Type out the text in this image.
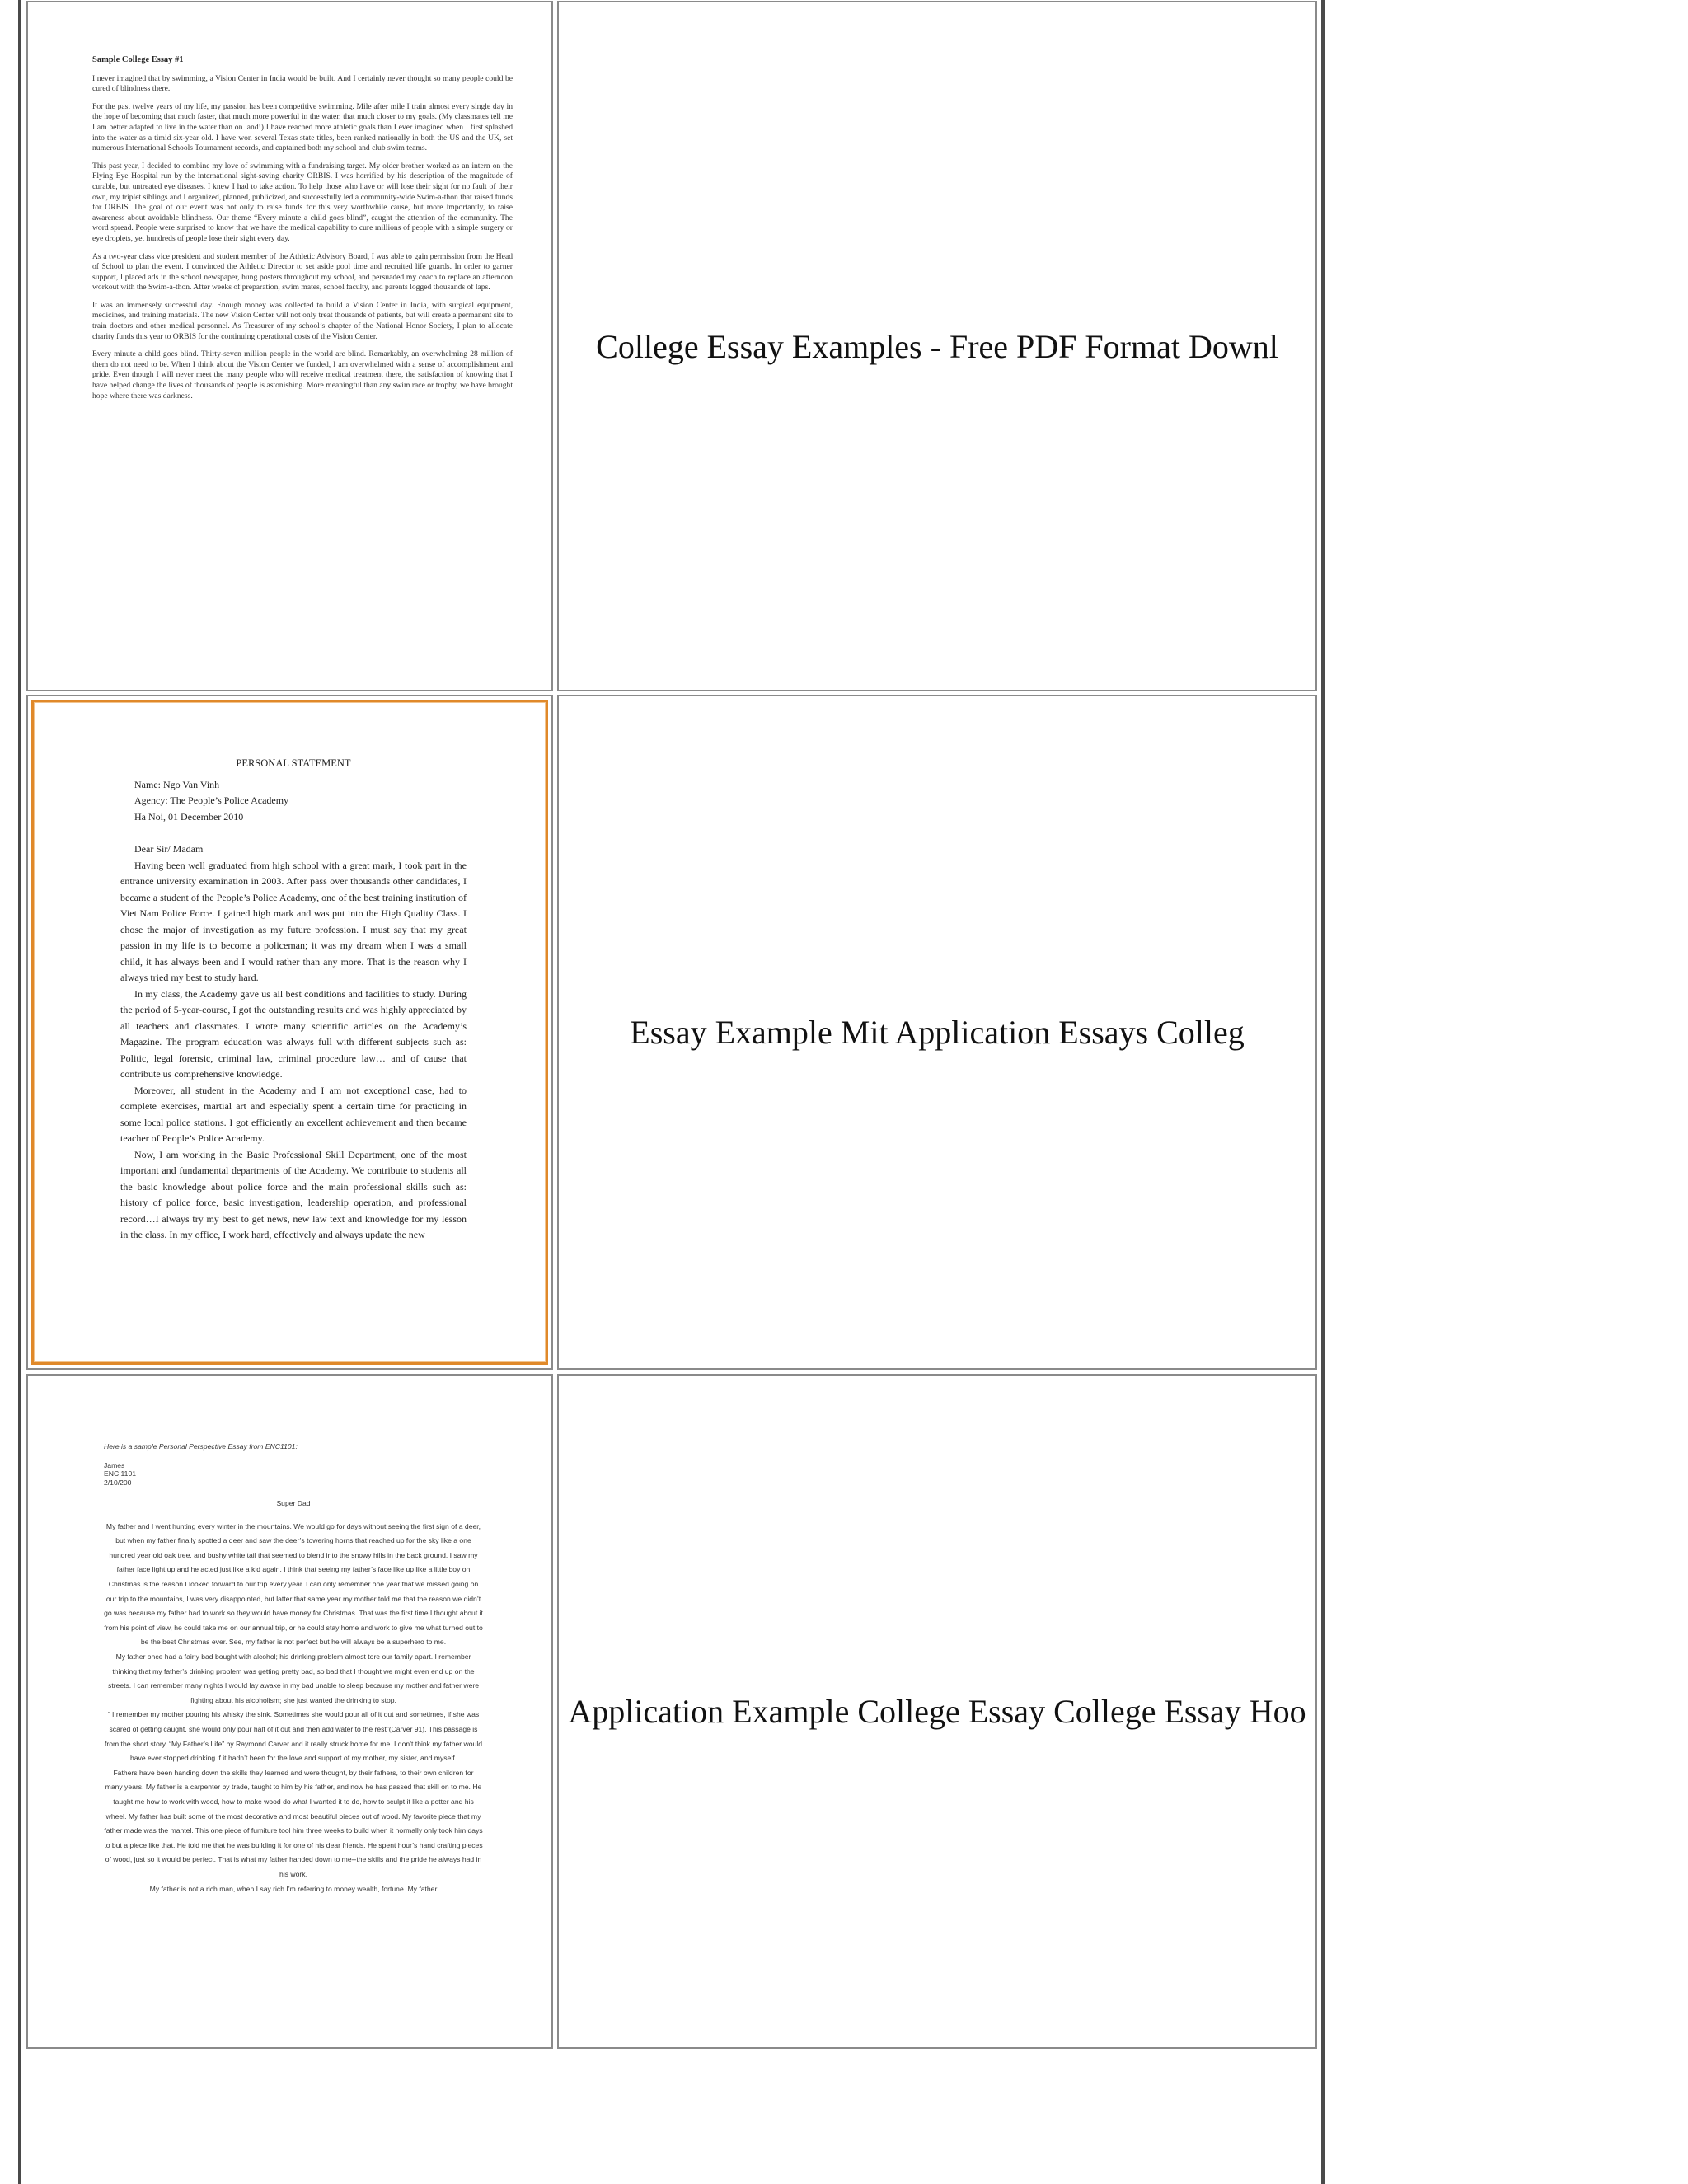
Sample College Essay #1

I never imagined that by swimming, a Vision Center in India would be built. And I certainly never thought so many people could be cured of blindness there.

For the past twelve years of my life, my passion has been competitive swimming. Mile after mile I train almost every single day in the hope of becoming that much faster, that much more powerful in the water, that much closer to my goals. (My classmates tell me I am better adapted to live in the water than on land!) I have reached more athletic goals than I ever imagined when I first splashed into the water as a timid six-year old. I have won several Texas state titles, been ranked nationally in both the US and the UK, set numerous International Schools Tournament records, and captained both my school and club swim teams.

This past year, I decided to combine my love of swimming with a fundraising target. My older brother worked as an intern on the Flying Eye Hospital run by the international sight-saving charity ORBIS. I was horrified by his description of the magnitude of curable, but untreated eye diseases. I knew I had to take action. To help those who have or will lose their sight for no fault of their own, my triplet siblings and I organized, planned, publicized, and successfully led a community-wide Swim-a-thon that raised funds for ORBIS. The goal of our event was not only to raise funds for this very worthwhile cause, but more importantly, to raise awareness about avoidable blindness. Our theme “Every minute a child goes blind”, caught the attention of the community. The word spread. People were surprised to know that we have the medical capability to cure millions of people with a simple surgery or eye droplets, yet hundreds of people lose their sight every day.

As a two-year class vice president and student member of the Athletic Advisory Board, I was able to gain permission from the Head of School to plan the event. I convinced the Athletic Director to set aside pool time and recruited life guards. In order to garner support, I placed ads in the school newspaper, hung posters throughout my school, and persuaded my coach to replace an afternoon workout with the Swim-a-thon. After weeks of preparation, swim mates, school faculty, and parents logged thousands of laps.

It was an immensely successful day. Enough money was collected to build a Vision Center in India, with surgical equipment, medicines, and training materials. The new Vision Center will not only treat thousands of patients, but will create a permanent site to train doctors and other medical personnel. As Treasurer of my school’s chapter of the National Honor Society, I plan to allocate charity funds this year to ORBIS for the continuing operational costs of the Vision Center.

Every minute a child goes blind. Thirty-seven million people in the world are blind. Remarkably, an overwhelming 28 million of them do not need to be. When I think about the Vision Center we funded, I am overwhelmed with a sense of accomplishment and pride. Even though I will never meet the many people who will receive medical treatment there, the satisfaction of knowing that I have helped change the lives of thousands of people is astonishing. More meaningful than any swim race or trophy, we have brought hope where there was darkness.

College Essay Examples - Free PDF Format Downl
PERSONAL STATEMENT
Name: Ngo Van Vinh
Agency: The People’s Police Academy
Ha Noi, 01 December 2010
Dear Sir/ Madam

Having been well graduated from high school with a great mark, I took part in the entrance university examination in 2003. After pass over thousands other candidates, I became a student of the People’s Police Academy, one of the best training institution of Viet Nam Police Force. I gained high mark and was put into the High Quality Class. I chose the major of investigation as my future profession. I must say that my great passion in my life is to become a policeman; it was my dream when I was a small child, it has always been and I would rather than any more. That is the reason why I always tried my best to study hard.

In my class, the Academy gave us all best conditions and facilities to study. During the period of 5-year-course, I got the outstanding results and was highly appreciated by all teachers and classmates. I wrote many scientific articles on the Academy’s Magazine. The program education was always full with different subjects such as: Politic, legal forensic, criminal law, criminal procedure law… and of cause that contribute us comprehensive knowledge.

Moreover, all student in the Academy and I am not exceptional case, had to complete exercises, martial art and especially spent a certain time for practicing in some local police stations. I got efficiently an excellent achievement and then became teacher of People’s Police Academy.

Now, I am working in the Basic Professional Skill Department, one of the most important and fundamental departments of the Academy. We contribute to students all the basic knowledge about police force and the main professional skills such as: history of police force, basic investigation, leadership operation, and professional record…I always try my best to get news, new law text and knowledge for my lesson in the class. In my office, I work hard, effectively and always update the new

Essay Example Mit Application Essays Colleg
Here is a sample Personal Perspective Essay from ENC1101:
James ______
ENC 1101
2/10/200
Super Dad

My father and I went hunting every winter in the mountains. We would go for days without seeing the first sign of a deer, but when my father finally spotted a deer and saw the deer’s towering horns that reached up for the sky like a one hundred year old oak tree, and bushy white tail that seemed to blend into the snowy hills in the back ground. I saw my father face light up and he acted just like a kid again. I think that seeing my father’s face like up like a little boy on Christmas is the reason I looked forward to our trip every year. I can only remember one year that we missed going on our trip to the mountains, I was very disappointed, but latter that same year my mother told me that the reason we didn’t go was because my father had to work so they would have money for Christmas. That was the first time I thought about it from his point of view, he could take me on our annual trip, or he could stay home and work to give me what turned out to be the best Christmas ever. See, my father is not perfect but he will always be a superhero to me.

My father once had a fairly bad bought with alcohol; his drinking problem almost tore our family apart. I remember thinking that my father’s drinking problem was getting pretty bad, so bad that I thought we might even end up on the streets. I can remember many nights I would lay awake in my bad unable to sleep because my mother and father were fighting about his alcoholism; she just wanted the drinking to stop.

“ I remember my mother pouring his whisky the sink. Sometimes she would pour all of it out and sometimes, if she was scared of getting caught, she would only pour half of it out and then add water to the rest”(Carver 91). This passage is from the short story, “My Father’s Life” by Raymond Carver and it really struck home for me. I don’t think my father would have ever stopped drinking if it hadn’t been for the love and support of my mother, my sister, and myself.

Fathers have been handing down the skills they learned and were thought, by their fathers, to their own children for many years. My father is a carpenter by trade, taught to him by his father, and now he has passed that skill on to me. He taught me how to work with wood, how to make wood do what I wanted it to do, how to sculpt it like a potter and his wheel. My father has built some of the most decorative and most beautiful pieces out of wood. My favorite piece that my father made was the mantel. This one piece of furniture tool him three weeks to build when it normally only took him days to but a piece like that. He told me that he was building it for one of his dear friends. He spent hour’s hand crafting pieces of wood, just so it would be perfect. That is what my father handed down to me--the skills and the pride he always had in his work.

My father is not a rich man, when I say rich I’m referring to money wealth, fortune. My father

Application Example College Essay College Essay Hoo
